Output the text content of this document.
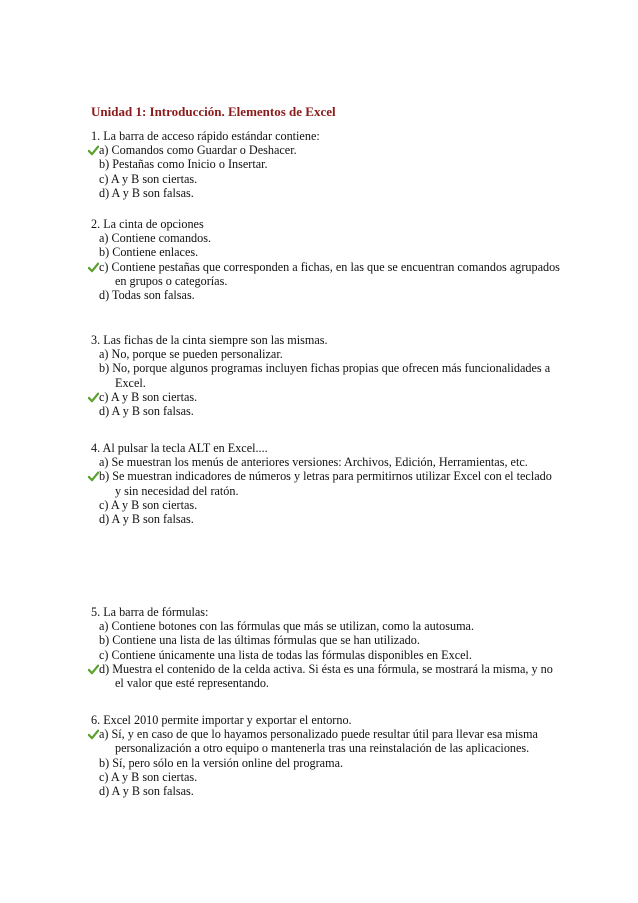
Unidad 1: Introducción. Elementos de Excel
1. La barra de acceso rápido estándar contiene:
a) Comandos como Guardar o Deshacer.
b) Pestañas como Inicio o Insertar.
c) A y B son ciertas.
d) A y B son falsas.
2. La cinta de opciones
a) Contiene comandos.
b) Contiene enlaces.
c) Contiene pestañas que corresponden a fichas, en las que se encuentran comandos agrupados
en grupos o categorías.
d) Todas son falsas.
3. Las fichas de la cinta siempre son las mismas.
a) No, porque se pueden personalizar.
b) No, porque algunos programas incluyen fichas propias que ofrecen más funcionalidades a
Excel.
c) A y B son ciertas.
d) A y B son falsas.
4. Al pulsar la tecla ALT en Excel....
a) Se muestran los menús de anteriores versiones: Archivos, Edición, Herramientas, etc.
b) Se muestran indicadores de números y letras para permitirnos utilizar Excel con el teclado
y sin necesidad del ratón.
c) A y B son ciertas.
d) A y B son falsas.
5. La barra de fórmulas:
a) Contiene botones con las fórmulas que más se utilizan, como la autosuma.
b) Contiene una lista de las últimas fórmulas que se han utilizado.
c) Contiene únicamente una lista de todas las fórmulas disponibles en Excel.
d) Muestra el contenido de la celda activa. Si ésta es una fórmula, se mostrará la misma, y no
el valor que esté representando.
6. Excel 2010 permite importar y exportar el entorno.
a) Sí, y en caso de que lo hayamos personalizado puede resultar útil para llevar esa misma
personalización a otro equipo o mantenerla tras una reinstalación de las aplicaciones.
b) Sí, pero sólo en la versión online del programa.
c) A y B son ciertas.
d) A y B son falsas.
